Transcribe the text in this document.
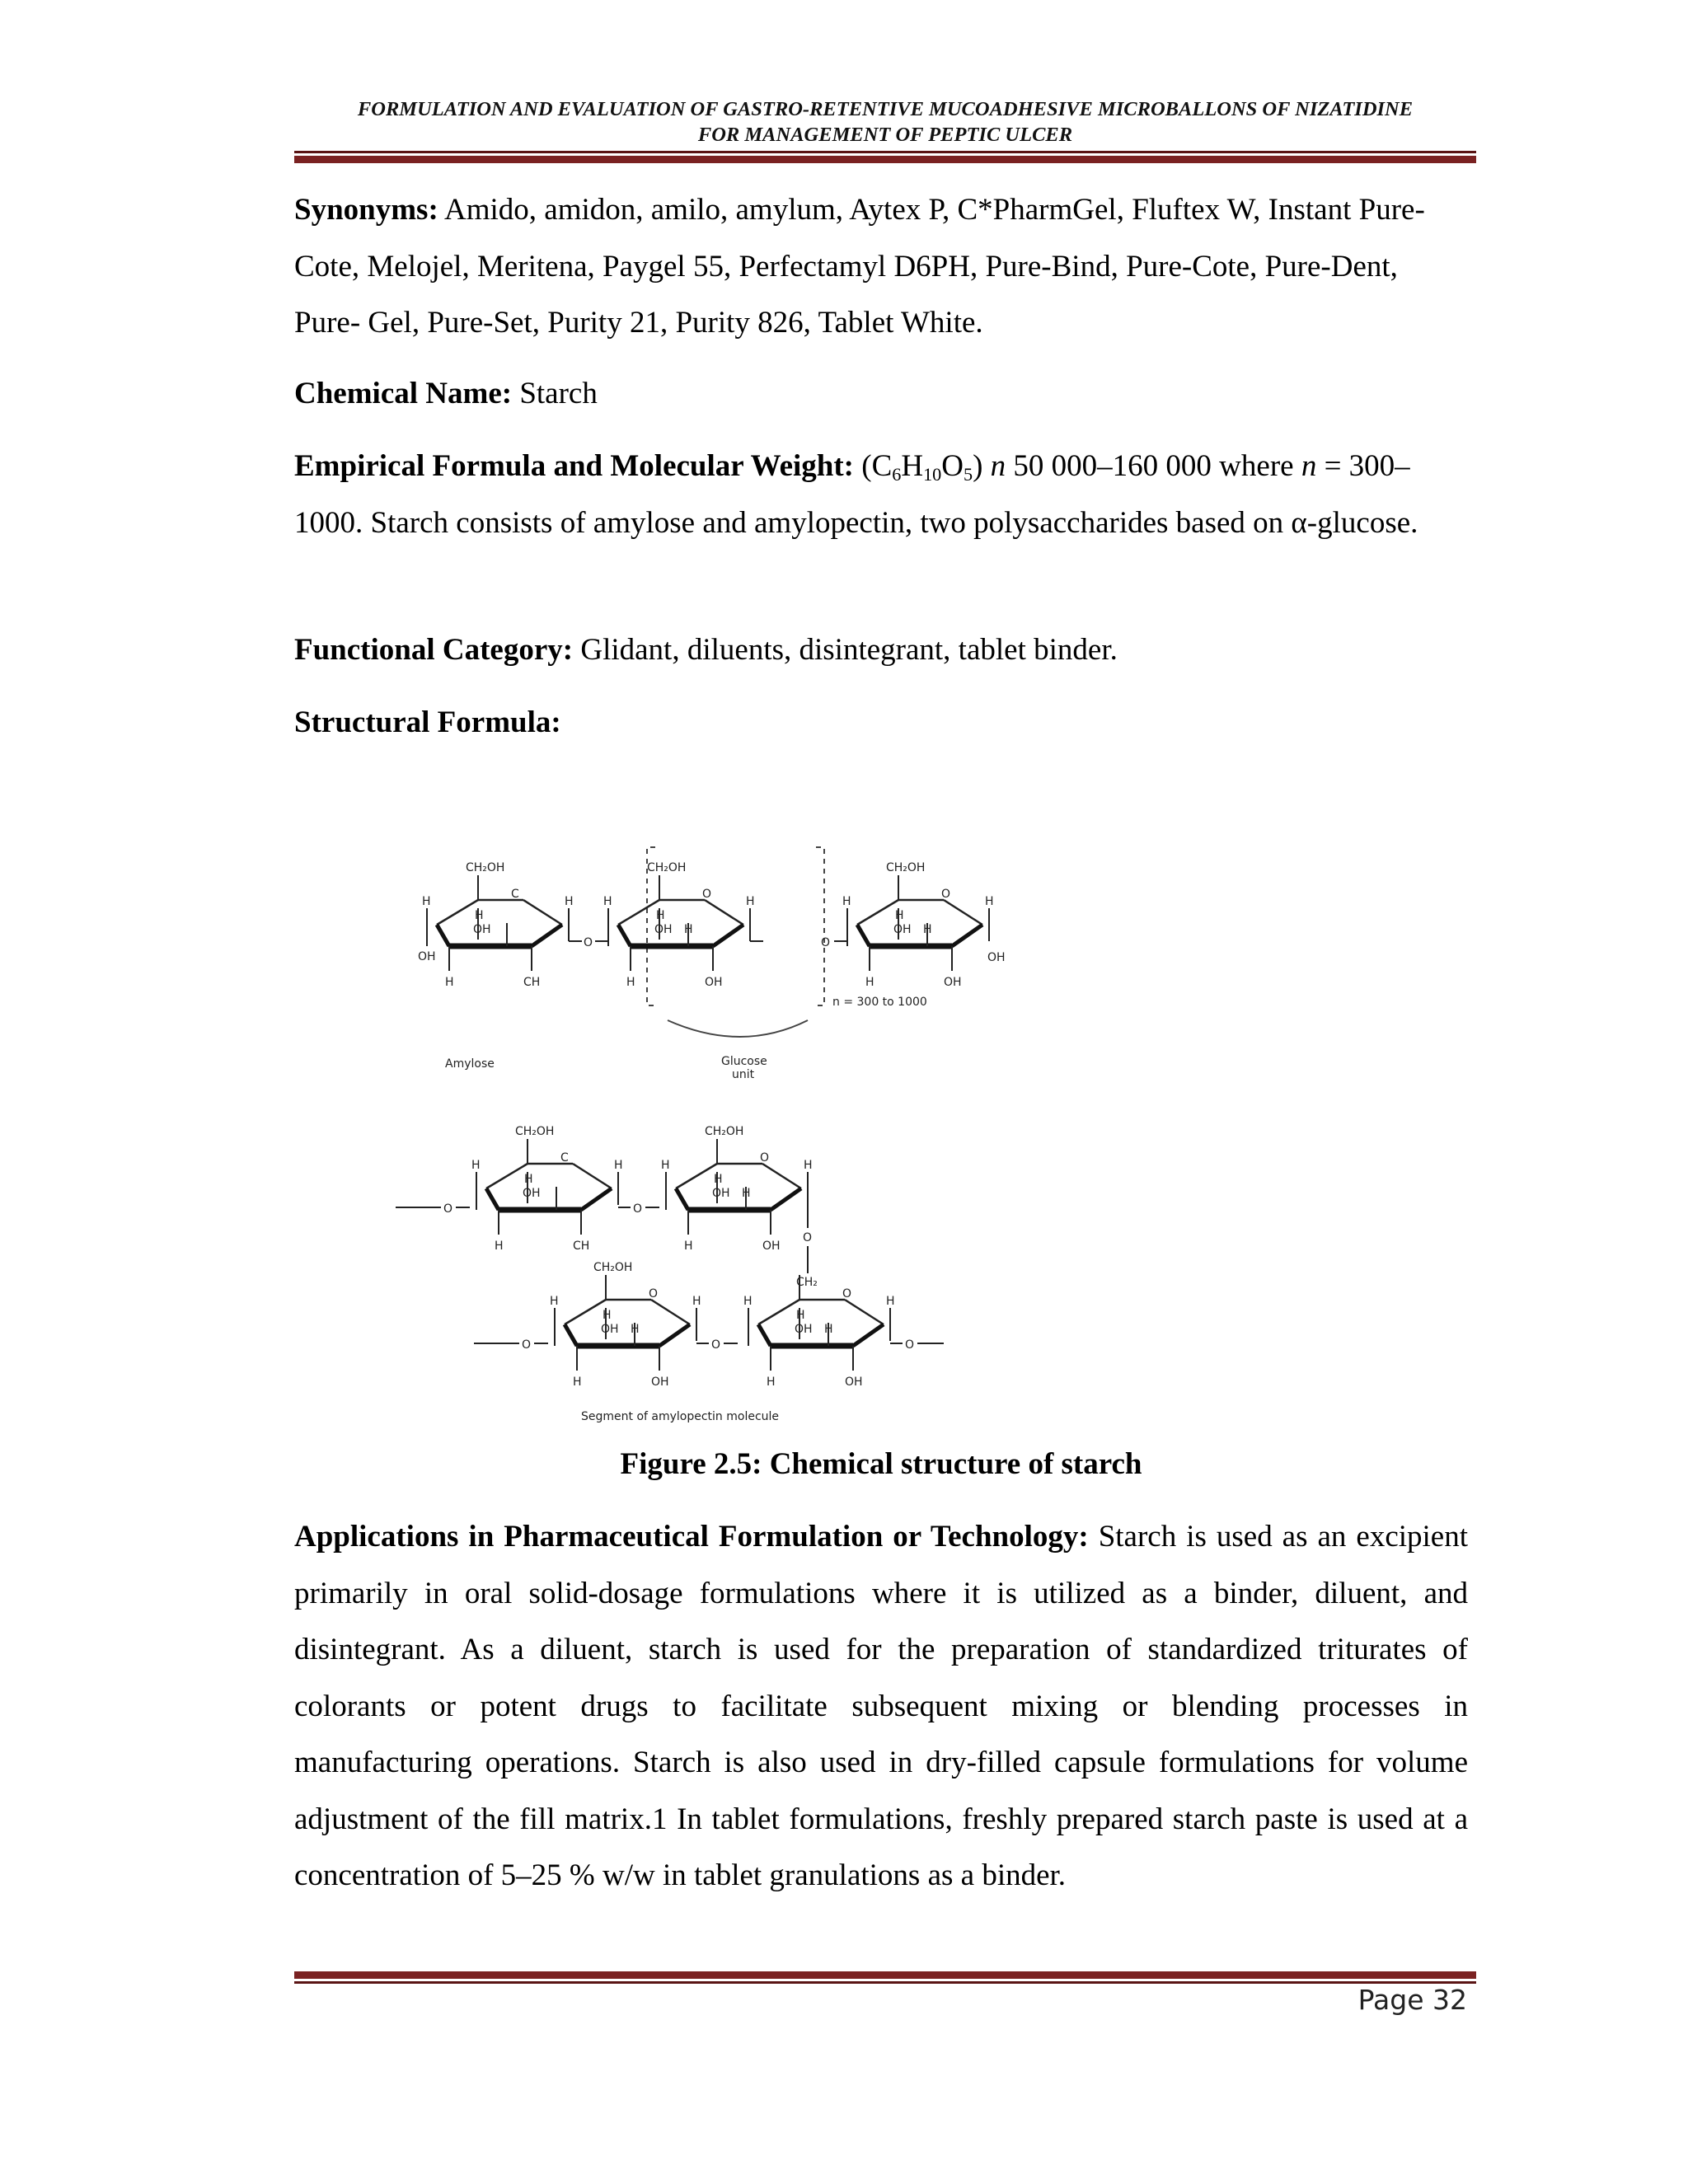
FORMULATION AND EVALUATION OF GASTRO-RETENTIVE MUCOADHESIVE MICROBALLONS OF NIZATIDINE
FOR MANAGEMENT OF PEPTIC ULCER

Synonyms: Amido, amidon, amilo, amylum, Aytex P, C*PharmGel, Fluftex W, Instant Pure-Cote, Melojel, Meritena, Paygel 55, Perfectamyl D6PH, Pure-Bind, Pure-Cote, Pure-Dent, Pure- Gel, Pure-Set, Purity 21, Purity 826, Tablet White.

Chemical Name: Starch

Empirical Formula and Molecular Weight: $(C_6H_{10}O_5)$ n 50 000–160 000 where n = 300–1000. Starch consists of amylose and amylopectin, two polysaccharides based on α-glucose.

Functional Category: Glidant, diluents, disintegrant, tablet binder.

Structural Formula:

CH₂OH
C
H
OH
H
OH
H	CH
H
O
CH₂OH
O
H
H
OH H
H	OH
H
O
CH₂OH
O
H
H
OH H
H	OH
H
OH
n = 300 to 1000
Amylose	Glucose
unit
O
CH₂OH
C
H
H
OH
H	CH
H
O
CH₂OH
O
H
H
OH H
H	OH
H
O
CH₂
O
CH₂OH
O
H
H
OH H
H	OH
H
O
O
H
H
OH H
H	OH
H
O
Segment of amylopectin molecule
Figure 2.5: Chemical structure of starch

Applications in Pharmaceutical Formulation or Technology: Starch is used as an excipient primarily in oral solid-dosage formulations where it is utilized as a binder, diluent, and disintegrant. As a diluent, starch is used for the preparation of standardized triturates of colorants or potent drugs to facilitate subsequent mixing or blending processes in manufacturing operations. Starch is also used in dry-filled capsule formulations for volume adjustment of the fill matrix.1 In tablet formulations, freshly prepared starch paste is used at a concentration of 5–25 % w/w in tablet granulations as a binder.

Page 32
